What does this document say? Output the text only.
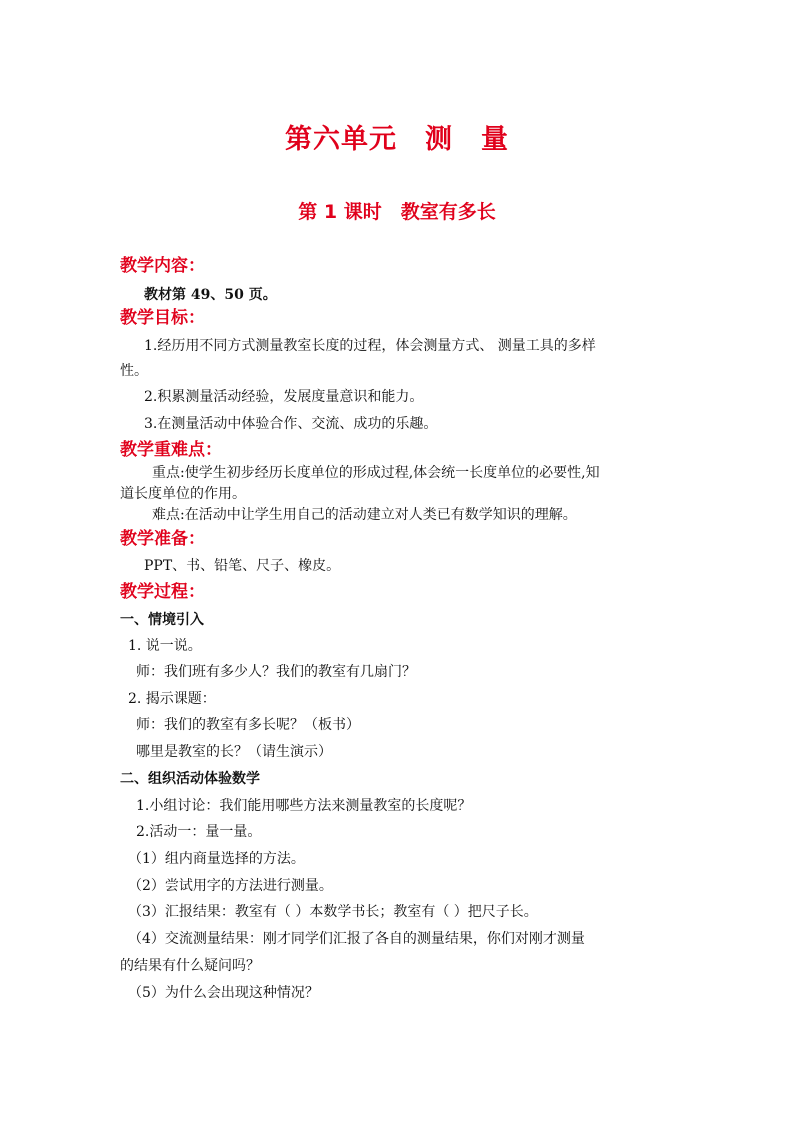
第六单元　测　量
第 1 课时　教室有多长
教学内容：
教材第 49、50 页。
教学目标：
1.经历用不同方式测量教室长度的过程，体会测量方式、 测量工具的多样
性。
2.积累测量活动经验，发展度量意识和能力。
3.在测量活动中体验合作、交流、成功的乐趣。
教学重难点：
重点:使学生初步经历长度单位的形成过程,体会统一长度单位的必要性,知
道长度单位的作用。
难点:在活动中让学生用自己的活动建立对人类已有数学知识的理解。
教学准备：
PPT、书、铅笔、尺子、橡皮。
教学过程：
一、情境引入
1. 说一说。
师：我们班有多少人？我们的教室有几扇门？
2. 揭示课题：
师：我们的教室有多长呢？（板书）
哪里是教室的长？（请生演示）
二、组织活动体验数学
1.小组讨论：我们能用哪些方法来测量教室的长度呢？
2.活动一：量一量。
（1）组内商量选择的方法。
（2）尝试用字的方法进行测量。
（3）汇报结果：教室有（ ）本数学书长；教室有（ ）把尺子长。
（4）交流测量结果：刚才同学们汇报了各自的测量结果，你们对刚才测量
的结果有什么疑问吗？
（5）为什么会出现这种情况？
